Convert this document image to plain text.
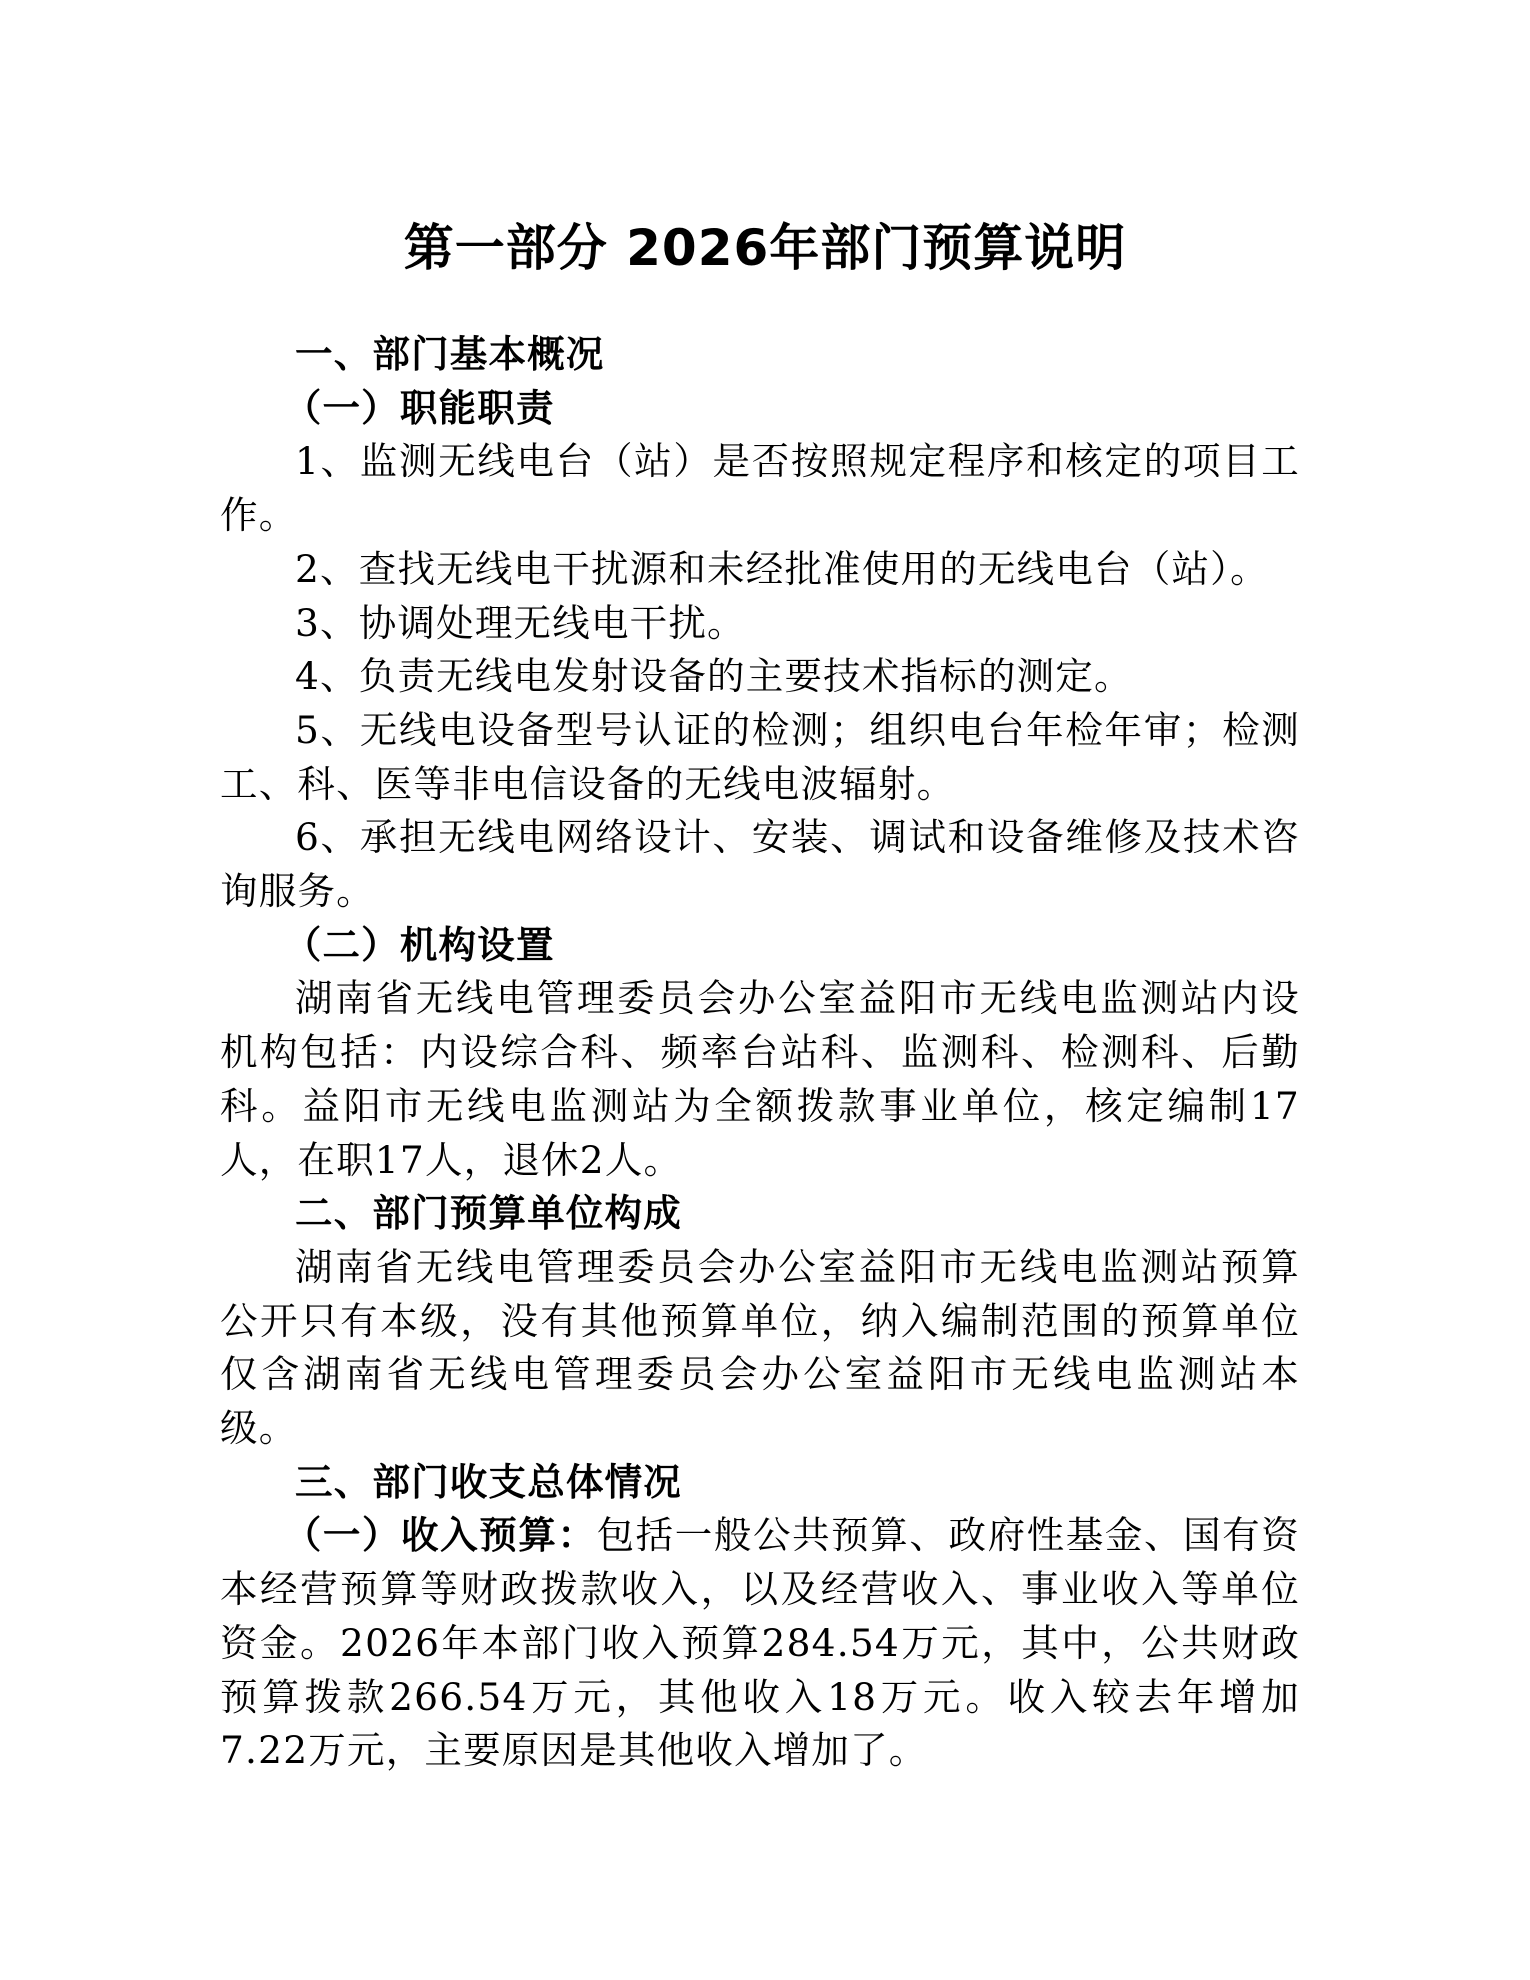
第一部分 2026年部门预算说明

一、部门基本概况

（一）职能职责

1、监测无线电台（站）是否按照规定程序和核定的项目工作。

2、查找无线电干扰源和未经批准使用的无线电台（站）。

3、协调处理无线电干扰。

4、负责无线电发射设备的主要技术指标的测定。

5、无线电设备型号认证的检测；组织电台年检年审；检测工、科、医等非电信设备的无线电波辐射。

6、承担无线电网络设计、安装、调试和设备维修及技术咨询服务。

（二）机构设置

湖南省无线电管理委员会办公室益阳市无线电监测站内设机构包括：内设综合科、频率台站科、监测科、检测科、后勤科。益阳市无线电监测站为全额拨款事业单位，核定编制17人，在职17人，退休2人。

二、部门预算单位构成

湖南省无线电管理委员会办公室益阳市无线电监测站预算公开只有本级，没有其他预算单位，纳入编制范围的预算单位仅含湖南省无线电管理委员会办公室益阳市无线电监测站本级。

三、部门收支总体情况

（一）收入预算：包括一般公共预算、政府性基金、国有资本经营预算等财政拨款收入，以及经营收入、事业收入等单位资金。2026年本部门收入预算284.54万元，其中，公共财政预算拨款266.54万元，其他收入18万元。收入较去年增加7.22万元，主要原因是其他收入增加了。
